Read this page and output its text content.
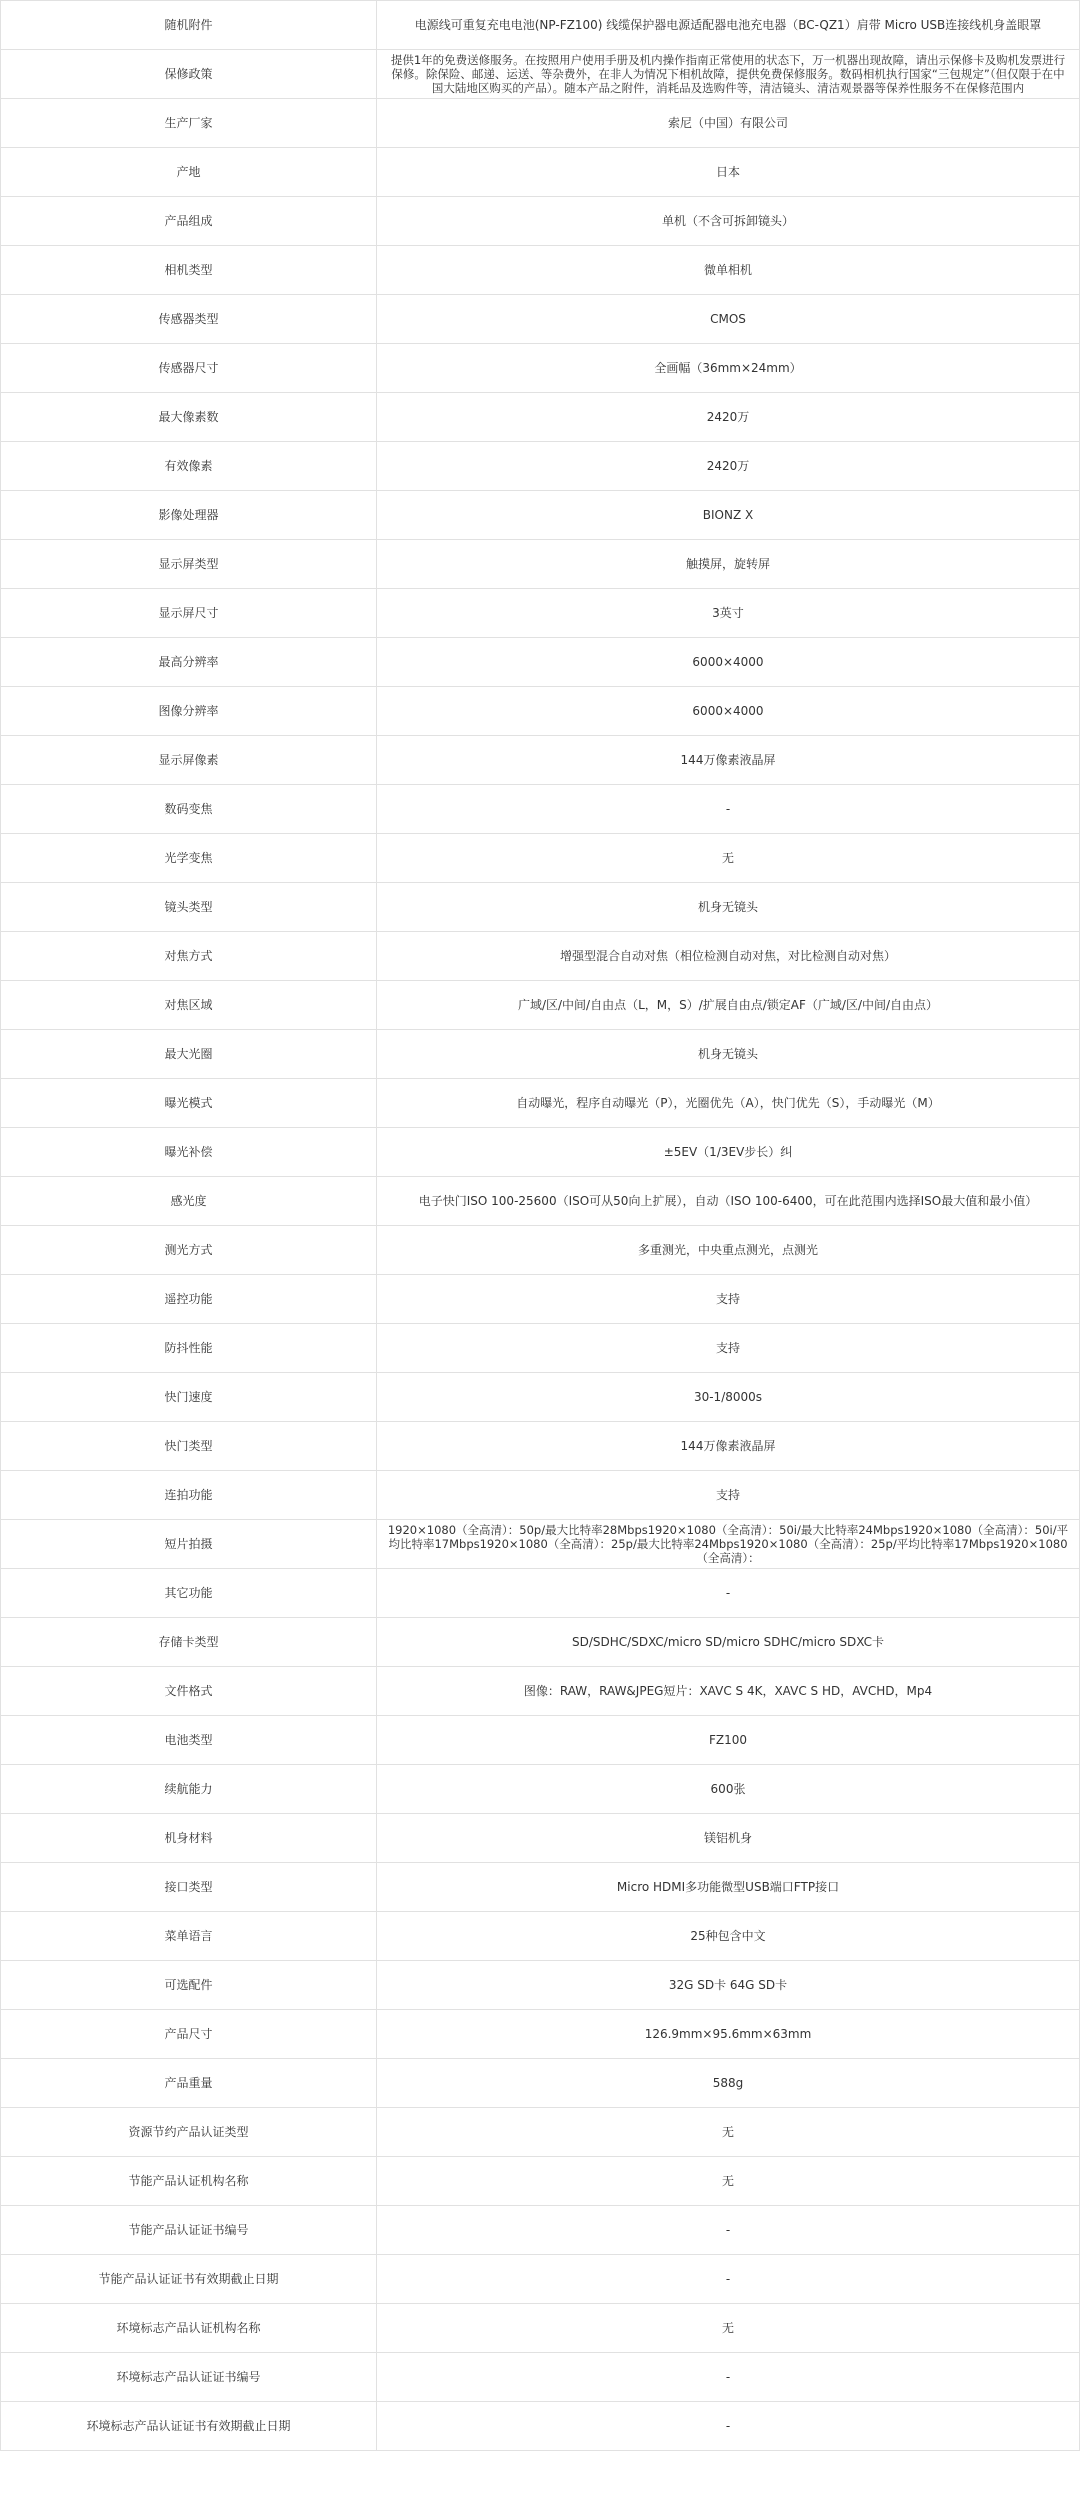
随机附件	电源线可重复充电电池(NP-FZ100) 线缆保护器电源适配器电池充电器（BC-QZ1）肩带 Micro USB连接线机身盖眼罩
保修政策	提供1年的免费送修服务。在按照用户使用手册及机内操作指南正常使用的状态下，万一机器出现故障，请出示保修卡及购机发票进行保修。除保险、邮递、运送、等杂费外，在非人为情况下相机故障，提供免费保修服务。数码相机执行国家“三包规定”（但仅限于在中国大陆地区购买的产品）。随本产品之附件，消耗品及选购件等，清洁镜头、清洁观景器等保养性服务不在保修范围内
生产厂家	索尼（中国）有限公司
产地	日本
产品组成	单机（不含可拆卸镜头）
相机类型	微单相机
传感器类型	CMOS
传感器尺寸	全画幅（36mm×24mm）
最大像素数	2420万
有效像素	2420万
影像处理器	BIONZ X
显示屏类型	触摸屏，旋转屏
显示屏尺寸	3英寸
最高分辨率	6000×4000
图像分辨率	6000×4000
显示屏像素	144万像素液晶屏
数码变焦	-
光学变焦	无
镜头类型	机身无镜头
对焦方式	增强型混合自动对焦（相位检测自动对焦，对比检测自动对焦）
对焦区域	广域/区/中间/自由点（L，M，S）/扩展自由点/锁定AF（广域/区/中间/自由点）
最大光圈	机身无镜头
曝光模式	自动曝光，程序自动曝光（P），光圈优先（A），快门优先（S），手动曝光（M）
曝光补偿	±5EV（1/3EV步长）纠
感光度	电子快门ISO 100-25600（ISO可从50向上扩展），自动（ISO 100-6400，可在此范围内选择ISO最大值和最小值）
测光方式	多重测光，中央重点测光，点测光
遥控功能	支持
防抖性能	支持
快门速度	30-1/8000s
快门类型	144万像素液晶屏
连拍功能	支持
短片拍摄	1920×1080（全高清）：50p/最大比特率28Mbps1920×1080（全高清）：50i/最大比特率24Mbps1920×1080（全高清）：50i/平均比特率17Mbps1920×1080（全高清）：25p/最大比特率24Mbps1920×1080（全高清）：25p/平均比特率17Mbps1920×1080（全高清）：
其它功能	-
存储卡类型	SD/SDHC/SDXC/micro SD/micro SDHC/micro SDXC卡
文件格式	图像：RAW，RAW&JPEG短片：XAVC S 4K，XAVC S HD，AVCHD，Mp4
电池类型	FZ100
续航能力	600张
机身材料	镁铝机身
接口类型	Micro HDMI多功能微型USB端口FTP接口
菜单语言	25种包含中文
可选配件	32G SD卡 64G SD卡
产品尺寸	126.9mm×95.6mm×63mm
产品重量	588g
资源节约产品认证类型	无
节能产品认证机构名称	无
节能产品认证证书编号	-
节能产品认证证书有效期截止日期	-
环境标志产品认证机构名称	无
环境标志产品认证证书编号	-
环境标志产品认证证书有效期截止日期	-
